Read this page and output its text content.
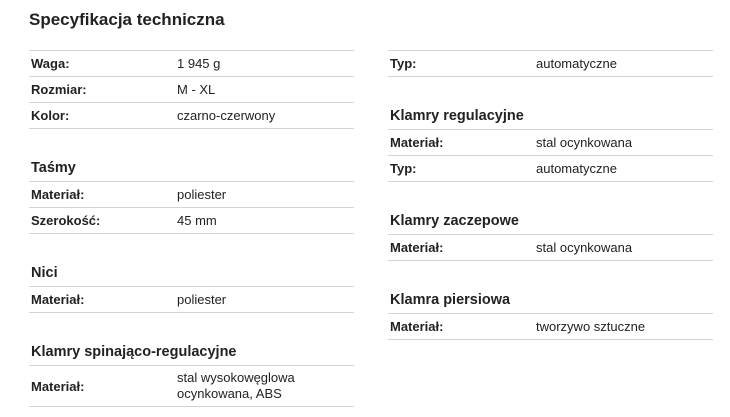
Specyfikacja techniczna
Waga:	1 945 g
Rozmiar:	M - XL
Kolor:	czarno-czerwony
Taśmy
Materiał:	poliester
Szerokość:	45 mm
Nici
Materiał:	poliester
Klamry spinająco-regulacyjne
Materiał:
stal wysokowęglowa ocynkowana, ABS
Typ:	automatyczne
Klamry regulacyjne
Materiał:	stal ocynkowana
Typ:	automatyczne
Klamry zaczepowe
Materiał:	stal ocynkowana
Klamra piersiowa
Materiał:	tworzywo sztuczne
